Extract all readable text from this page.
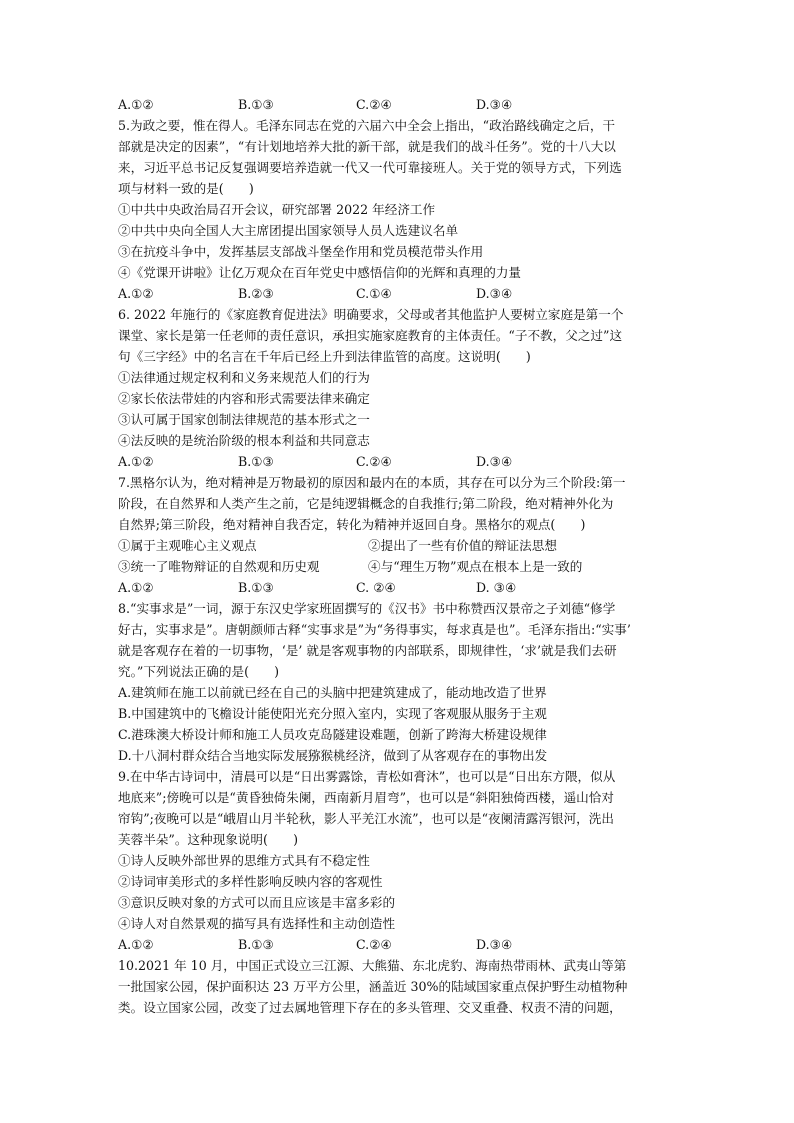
A.①②	B.①③	C.②④	D.③④
5.为政之要，惟在得人。毛泽东同志在党的六届六中全会上指出，“政治路线确定之后，干
部就是决定的因素”，“有计划地培养大批的新干部，就是我们的战斗任务”。党的十八大以
来，习近平总书记反复强调要培养造就一代又一代可靠接班人。关于党的领导方式，下列选
项与材料一致的是(　　)
①中共中央政治局召开会议，研究部署 2022 年经济工作
②中共中央向全国人大主席团提出国家领导人员人选建议名单
③在抗疫斗争中，发挥基层支部战斗堡垒作用和党员模范带头作用
④《党课开讲啦》让亿万观众在百年党史中感悟信仰的光辉和真理的力量
A.①②	B.②③	C.①④	D.③④
6. 2022 年施行的《家庭教育促进法》明确要求，父母或者其他监护人要树立家庭是第一个
课堂、家长是第一任老师的责任意识，承担实施家庭教育的主体责任。“子不教，父之过”这
句《三字经》中的名言在千年后已经上升到法律监管的高度。这说明(　　)
①法律通过规定权利和义务来规范人们的行为
②家长依法带娃的内容和形式需要法律来确定
③认可属于国家创制法律规范的基本形式之一
④法反映的是统治阶级的根本利益和共同意志
A.①②	B.①③	C.②④	D.③④
7.黑格尔认为，绝对精神是万物最初的原因和最内在的本质，其存在可以分为三个阶段:第一
阶段，在自然界和人类产生之前，它是纯逻辑概念的自我推行;第二阶段，绝对精神外化为
自然界;第三阶段，绝对精神自我否定，转化为精神并返回自身。黑格尔的观点(　　)
①属于主观唯心主义观点	②提出了一些有价值的辩证法思想
③统一了唯物辩证的自然观和历史观	④与“理生万物”观点在根本上是一致的
A.①②	B.①③	C. ②④	D. ③④
8.“实事求是”一词，源于东汉史学家班固撰写的《汉书》书中称赞西汉景帝之子刘德“修学
好古，实事求是”。唐朝颜师古释“实事求是”为“务得事实，每求真是也”。毛泽东指出:“实事’
就是客观存在着的一切事物，‘是’ 就是客观事物的内部联系，即规律性，‘求’就是我们去研
究。”下列说法正确的是(　　)
A.建筑师在施工以前就已经在自己的头脑中把建筑建成了，能动地改造了世界
B.中国建筑中的飞檐设计能使阳光充分照入室内，实现了客观服从服务于主观
C.港珠澳大桥设计师和施工人员攻克岛隧建设难题，创新了跨海大桥建设规律
D.十八洞村群众结合当地实际发展猕猴桃经济，做到了从客观存在的事物出发
9.在中华古诗词中，清晨可以是“日出雾露馀，青松如膏沐”，也可以是“日出东方隈，似从
地底来”;傍晚可以是“黄昏独倚朱阑，西南新月眉弯”，也可以是“斜阳独倚西楼，遥山恰对
帘钩”;夜晚可以是“峨眉山月半轮秋，影人平羌江水流”，也可以是“夜阑清露泻银河，洗出
芙蓉半朵”。这种现象说明(　　)
①诗人反映外部世界的思维方式具有不稳定性
②诗词审美形式的多样性影响反映内容的客观性
③意识反映对象的方式可以而且应该是丰富多彩的
④诗人对自然景观的描写具有选择性和主动创造性
A.①②	B.①③	C.②④	D.③④
10.2021 年 10 月，中国正式设立三江源、大熊猫、东北虎豹、海南热带雨林、武夷山等第
一批国家公园，保护面积达 23 万平方公里，涵盖近 30%的陆域国家重点保护野生动植物种
类。设立国家公园，改变了过去属地管理下存在的多头管理、交叉重叠、权责不清的问题，
